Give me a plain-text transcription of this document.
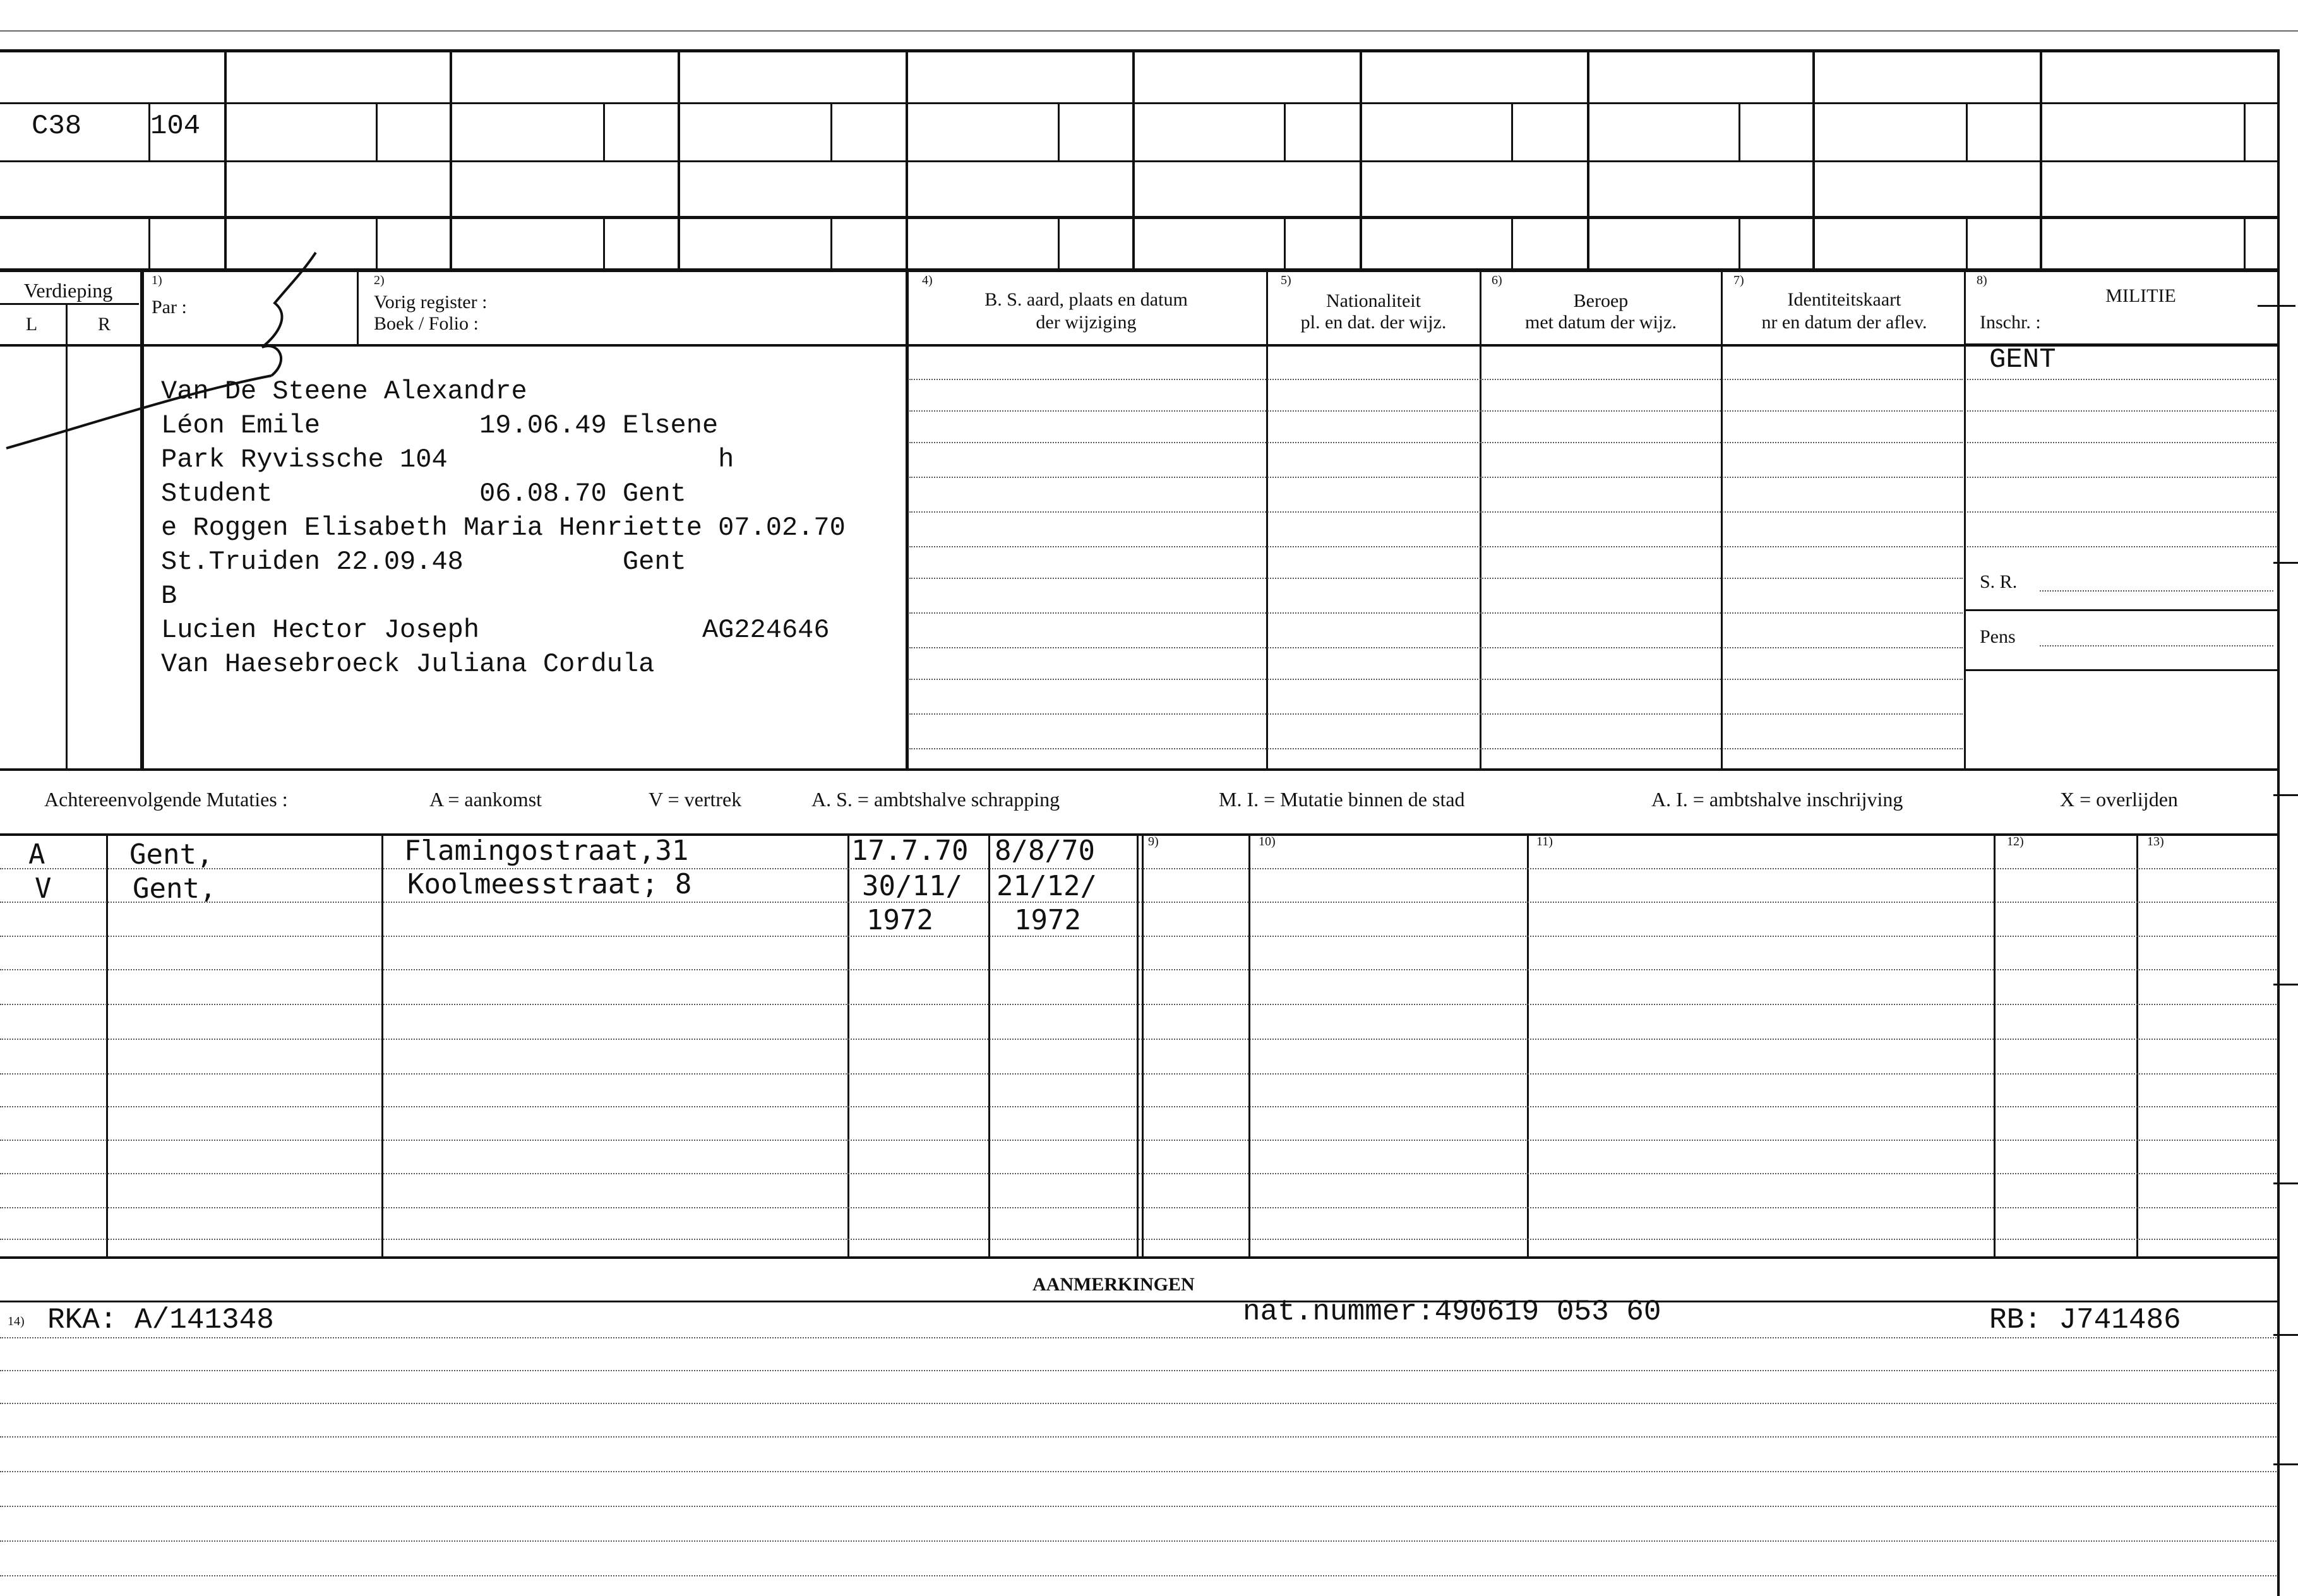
C38 104
Verdieping
L	R
1)
Par :
2)
Vorig register :
Boek / Folio :
4)
B. S. aard, plaats en datum
der wijziging
5)
Nationaliteit
pl. en dat. der wijz.
6)
Beroep
met datum der wijz.
7)
Identiteitskaart
nr en datum der aflev.
8)
MILITIE
Inschr. :
GENT
S. R.
Pens
Van De Steene Alexandre
Léon Emile          19.06.49 Elsene
Park Ryvissche 104                 h
Student             06.08.70 Gent
e Roggen Elisabeth Maria Henriette 07.02.70
St.Truiden 22.09.48          Gent
B
Lucien Hector Joseph              AG224646
Van Haesebroeck Juliana Cordula
Achtereenvolgende Mutaties :	A = aankomst	V = vertrek	A. S. = ambtshalve schrapping	M. I. = Mutatie binnen de stad	A. I. = ambtshalve inschrijving	X = overlijden
9)	10)	11)	12)	13)
A	Gent,	Flamingostraat,31	17.7.70 8/8/70
V	Gent,	Koolmeesstraat; 8	30/11/ 21/12/
1972	1972
AANMERKINGEN
14) RKA: A/141348	nat.nummer:490619 053 60	RB: J741486
